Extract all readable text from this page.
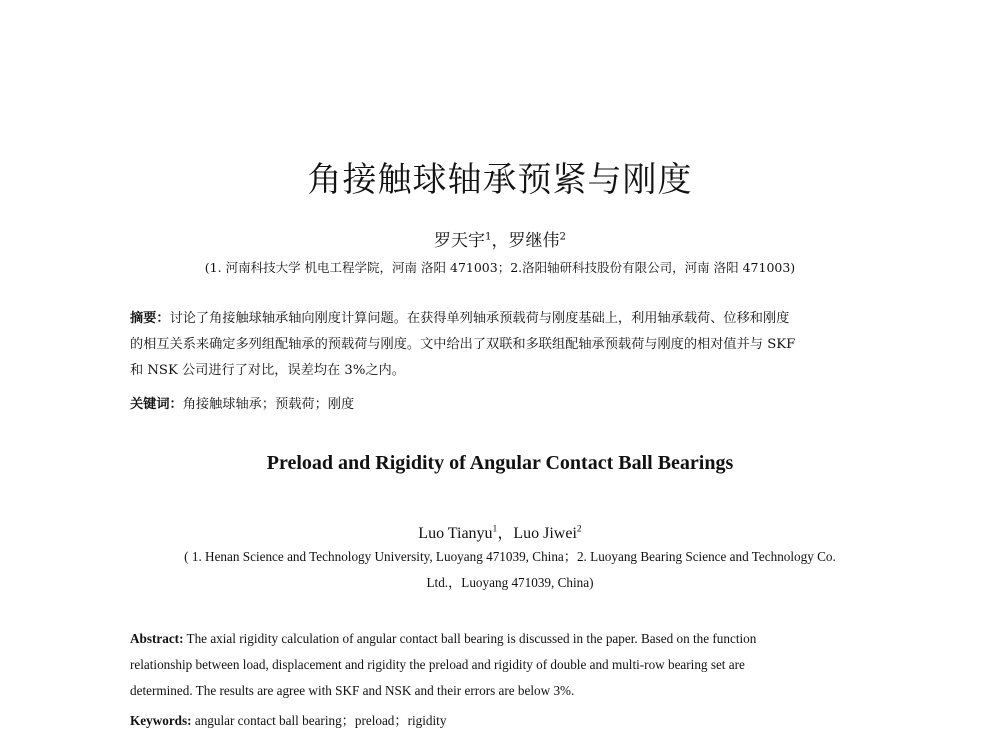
角接触球轴承预紧与刚度
罗天宇$^1$，罗继伟$^2$
(1. 河南科技大学 机电工程学院，河南 洛阳 471003；2.洛阳轴研科技股份有限公司，河南 洛阳 471003)
摘要：讨论了角接触球轴承轴向刚度计算问题。在获得单列轴承预载荷与刚度基础上，利用轴承载荷、位移和刚度
的相互关系来确定多列组配轴承的预载荷与刚度。文中给出了双联和多联组配轴承预载荷与刚度的相对值并与 SKF
和 NSK 公司进行了对比，误差均在 3%之内。
关键词：角接触球轴承；预载荷；刚度
Preload and Rigidity of Angular Contact Ball Bearings
Luo Tianyu$^1$，Luo Jiwei$^2$
( 1. Henan Science and Technology University, Luoyang 471039, China；2. Luoyang Bearing Science and Technology Co.
Ltd.，Luoyang 471039, China)
Abstract: The axial rigidity calculation of angular contact ball bearing is discussed in the paper. Based on the function
relationship between load, displacement and rigidity the preload and rigidity of double and multi-row bearing set are
determined. The results are agree with SKF and NSK and their errors are below 3%.
Keywords: angular contact ball bearing；preload；rigidity
